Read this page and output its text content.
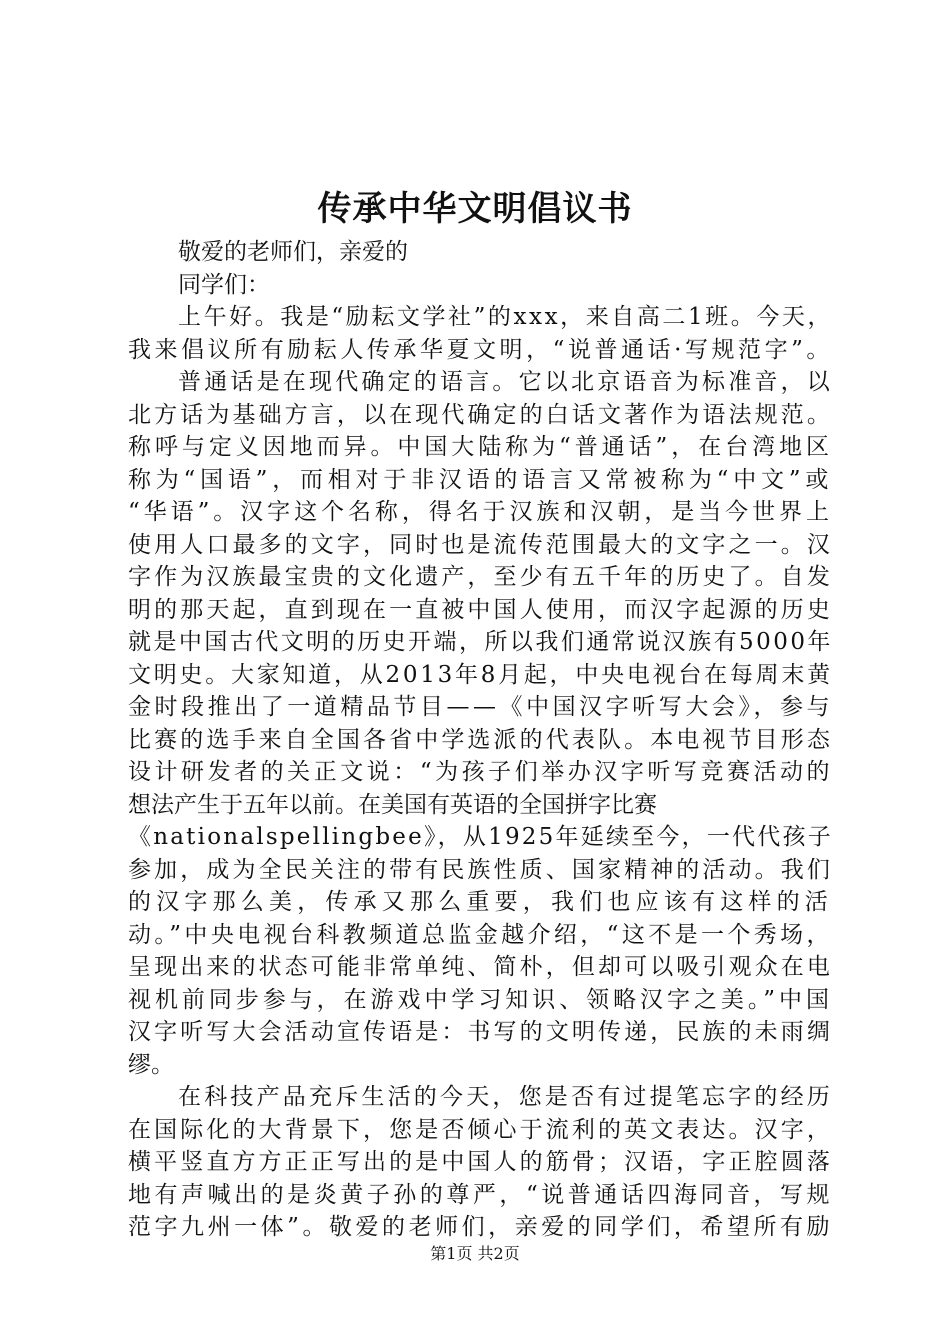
传承中华文明倡议书
敬爱的老师们，亲爱的
同学们：
上午好。我是“励耘文学社”的xxx，来自高二1班。今天，
我来倡议所有励耘人传承华夏文明，“说普通话·写规范字”。
普通话是在现代确定的语言。它以北京语音为标准音，以
北方话为基础方言，以在现代确定的白话文著作为语法规范。
称呼与定义因地而异。中国大陆称为“普通话”，在台湾地区
称为“国语”，而相对于非汉语的语言又常被称为“中文”或
“华语”。汉字这个名称，得名于汉族和汉朝，是当今世界上
使用人口最多的文字，同时也是流传范围最大的文字之一。汉
字作为汉族最宝贵的文化遗产，至少有五千年的历史了。自发
明的那天起，直到现在一直被中国人使用，而汉字起源的历史
就是中国古代文明的历史开端，所以我们通常说汉族有5000年
文明史。大家知道，从2013年8月起，中央电视台在每周末黄
金时段推出了一道精品节目——《中国汉字听写大会》，参与
比赛的选手来自全国各省中学选派的代表队。本电视节目形态
设计研发者的关正文说：“为孩子们举办汉字听写竞赛活动的
想法产生于五年以前。在美国有英语的全国拼字比赛
《nationalspellingbee》，从1925年延续至今，一代代孩子
参加，成为全民关注的带有民族性质、国家精神的活动。我们
的汉字那么美，传承又那么重要，我们也应该有这样的活
动。”中央电视台科教频道总监金越介绍，“这不是一个秀场，
呈现出来的状态可能非常单纯、简朴，但却可以吸引观众在电
视机前同步参与，在游戏中学习知识、领略汉字之美。”中国
汉字听写大会活动宣传语是：书写的文明传递，民族的未雨绸
缪。
在科技产品充斥生活的今天，您是否有过提笔忘字的经历
在国际化的大背景下，您是否倾心于流利的英文表达。汉字，
横平竖直方方正正写出的是中国人的筋骨；汉语，字正腔圆落
地有声喊出的是炎黄子孙的尊严，“说普通话四海同音，写规
范字九州一体”。敬爱的老师们，亲爱的同学们，希望所有励
第1页 共2页
